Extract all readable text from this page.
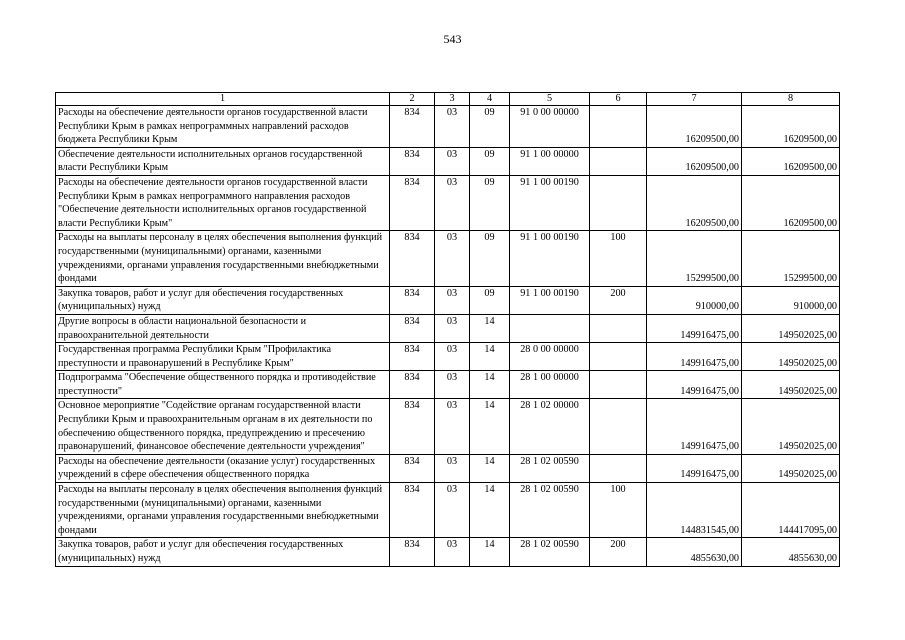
543
1	2	3	4	5	6	7	8
Расходы на обеспечение деятельности органов государственной власти Республики Крым в рамках непрограммных направлений расходов бюджета Республики Крым	834	03	09	91 0 00 00000		16209500,00	16209500,00
Обеспечение деятельности исполнительных органов государственной власти Республики Крым	834	03	09	91 1 00 00000		16209500,00	16209500,00
Расходы на обеспечение деятельности органов государственной власти Республики Крым в рамках непрограммного направления расходов "Обеспечение деятельности исполнительных органов государственной власти Республики Крым"	834	03	09	91 1 00 00190		16209500,00	16209500,00
Расходы на выплаты персоналу в целях обеспечения выполнения функций государственными (муниципальными) органами, казенными учреждениями, органами управления государственными внебюджетными фондами	834	03	09	91 1 00 00190	100	15299500,00	15299500,00
Закупка товаров, работ и услуг для обеспечения государственных (муниципальных) нужд	834	03	09	91 1 00 00190	200	910000,00	910000,00
Другие вопросы в области национальной безопасности и правоохранительной деятельности	834	03	14			149916475,00	149502025,00
Государственная программа Республики Крым "Профилактика преступности и правонарушений в Республике Крым"	834	03	14	28 0 00 00000		149916475,00	149502025,00
Подпрограмма "Обеспечение общественного порядка и противодействие преступности"	834	03	14	28 1 00 00000		149916475,00	149502025,00
Основное мероприятие "Содействие органам государственной власти Республики Крым и правоохранительным органам в их деятельности по обеспечению общественного порядка, предупреждению и пресечению правонарушений, финансовое обеспечение деятельности учреждения"	834	03	14	28 1 02 00000		149916475,00	149502025,00
Расходы на обеспечение деятельности (оказание услуг) государственных учреждений в сфере обеспечения общественного порядка	834	03	14	28 1 02 00590		149916475,00	149502025,00
Расходы на выплаты персоналу в целях обеспечения выполнения функций государственными (муниципальными) органами, казенными учреждениями, органами управления государственными внебюджетными фондами	834	03	14	28 1 02 00590	100	144831545,00	144417095,00
Закупка товаров, работ и услуг для обеспечения государственных (муниципальных) нужд	834	03	14	28 1 02 00590	200	4855630,00	4855630,00
